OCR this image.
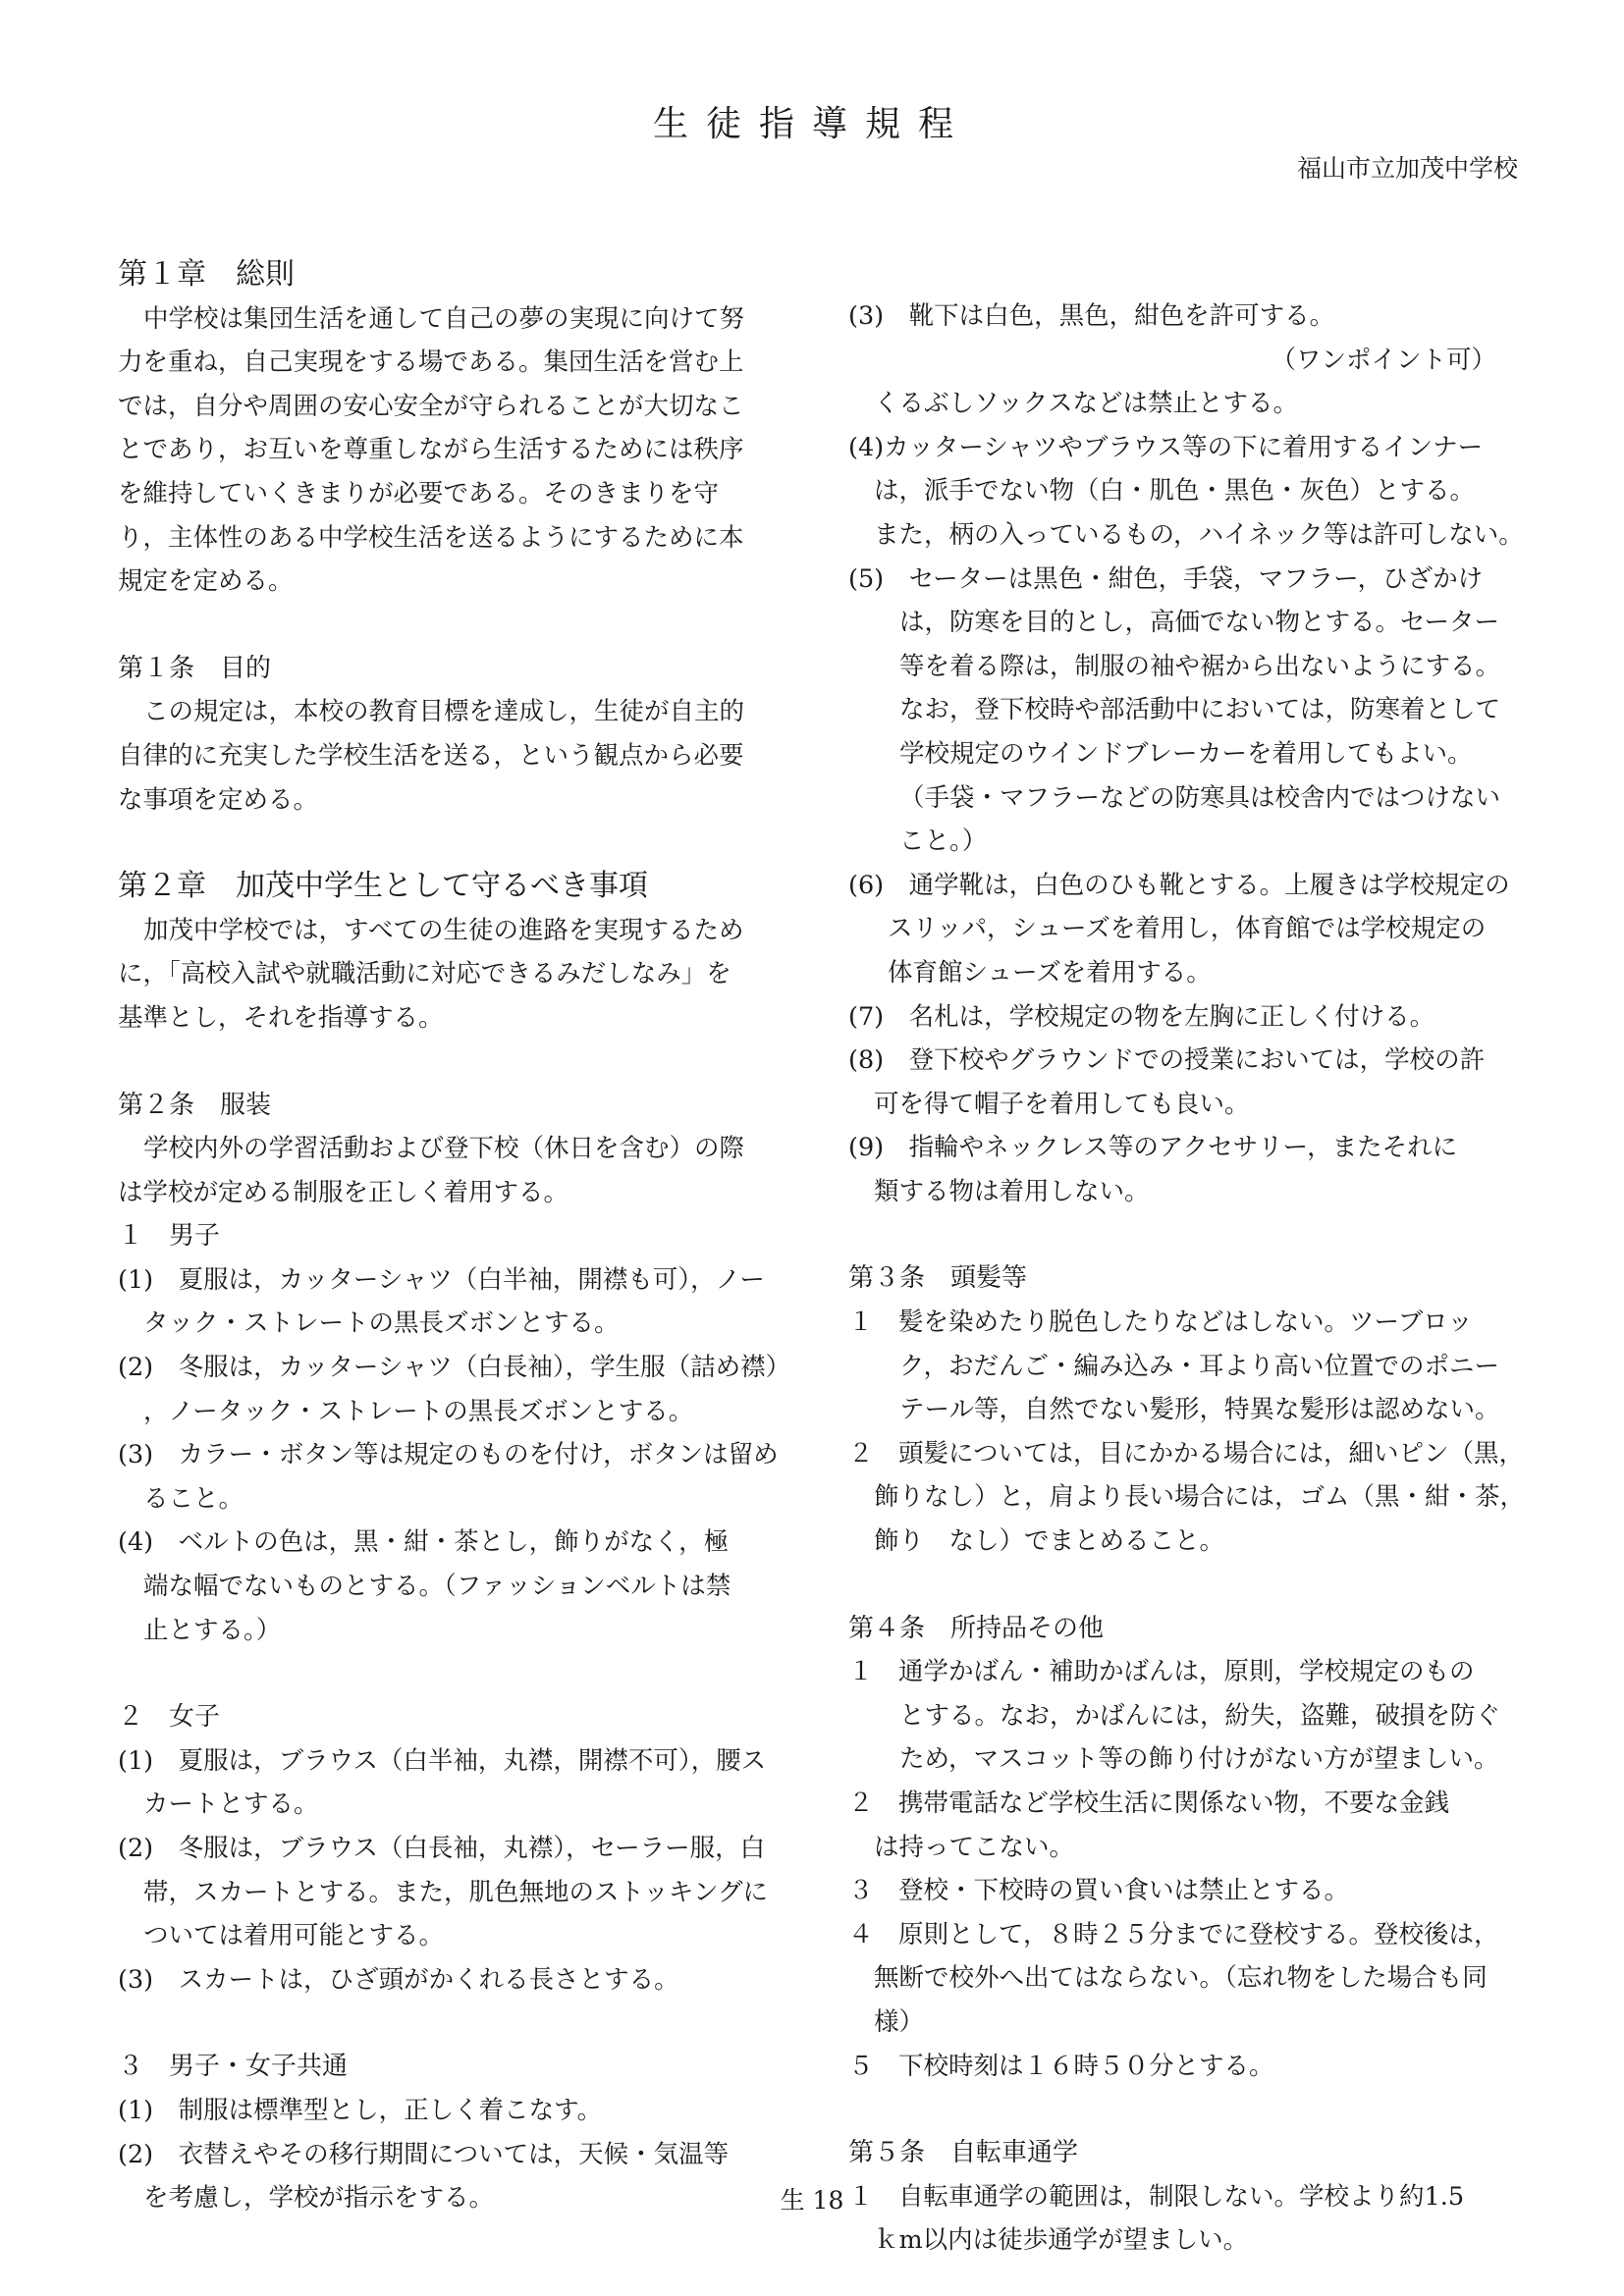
生徒指導規程
福山市立加茂中学校
第１章　総則
中学校は集団生活を通して自己の夢の実現に向けて努
力を重ね，自己実現をする場である。集団生活を営む上
では，自分や周囲の安心安全が守られることが大切なこ
とであり，お互いを尊重しながら生活するためには秩序
を維持していくきまりが必要である。そのきまりを守
り，主体性のある中学校生活を送るようにするために本
規定を定める。
第１条　目的
この規定は，本校の教育目標を達成し，生徒が自主的
自律的に充実した学校生活を送る，という観点から必要
な事項を定める。
第２章　加茂中学生として守るべき事項
加茂中学校では，すべての生徒の進路を実現するため
に，「高校入試や就職活動に対応できるみだしなみ」を
基準とし，それを指導する。
第２条　服装
学校内外の学習活動および登下校（休日を含む）の際
は学校が定める制服を正しく着用する。
１　男子
(1)　夏服は，カッターシャツ（白半袖，開襟も可），ノー
タック・ストレートの黒長ズボンとする。
(2)　冬服は，カッターシャツ（白長袖），学生服（詰め襟）
，ノータック・ストレートの黒長ズボンとする。
(3)　カラー・ボタン等は規定のものを付け，ボタンは留め
ること。
(4)　ベルトの色は，黒・紺・茶とし，飾りがなく，極
端な幅でないものとする。（ファッションベルトは禁
止とする。）
２　女子
(1)　夏服は，ブラウス（白半袖，丸襟，開襟不可），腰ス
カートとする。
(2)　冬服は，ブラウス（白長袖，丸襟），セーラー服，白
帯，スカートとする。また，肌色無地のストッキングに
ついては着用可能とする。
(3)　スカートは，ひざ頭がかくれる長さとする。
３　男子・女子共通
(1)　制服は標準型とし，正しく着こなす。
(2)　衣替えやその移行期間については，天候・気温等
を考慮し，学校が指示をする。
(3)　靴下は白色，黒色，紺色を許可する。
（ワンポイント可）
くるぶしソックスなどは禁止とする。
(4)カッターシャツやブラウス等の下に着用するインナー
は，派手でない物（白・肌色・黒色・灰色）とする。
また，柄の入っているもの，ハイネック等は許可しない。
(5)　セーターは黒色・紺色，手袋，マフラー，ひざかけ
は，防寒を目的とし，高価でない物とする。セーター
等を着る際は，制服の袖や裾から出ないようにする。
なお，登下校時や部活動中においては，防寒着として
学校規定のウインドブレーカーを着用してもよい。
（手袋・マフラーなどの防寒具は校舎内ではつけない
こと。）
(6)　通学靴は，白色のひも靴とする。上履きは学校規定の
スリッパ，シューズを着用し，体育館では学校規定の
体育館シューズを着用する。
(7)　名札は，学校規定の物を左胸に正しく付ける。
(8)　登下校やグラウンドでの授業においては，学校の許
可を得て帽子を着用しても良い。
(9)　指輪やネックレス等のアクセサリー，またそれに
類する物は着用しない。
第３条　頭髪等
１　髪を染めたり脱色したりなどはしない。ツーブロッ
ク，おだんご・編み込み・耳より高い位置でのポニー
テール等，自然でない髪形，特異な髪形は認めない。
２　頭髪については，目にかかる場合には，細いピン（黒，
飾りなし）と，肩より長い場合には，ゴム（黒・紺・茶，
飾り　なし）でまとめること。
第４条　所持品その他
１　通学かばん・補助かばんは，原則，学校規定のもの
とする。なお，かばんには，紛失，盗難，破損を防ぐ
ため，マスコット等の飾り付けがない方が望ましい。
２　携帯電話など学校生活に関係ない物，不要な金銭
は持ってこない。
３　登校・下校時の買い食いは禁止とする。
４　原則として，８時２５分までに登校する。登校後は，
無断で校外へ出てはならない。（忘れ物をした場合も同
様）
５　下校時刻は１６時５０分とする。
第５条　自転車通学
１　自転車通学の範囲は，制限しない。学校より約1.5
ｋm以内は徒歩通学が望ましい。
生 18
